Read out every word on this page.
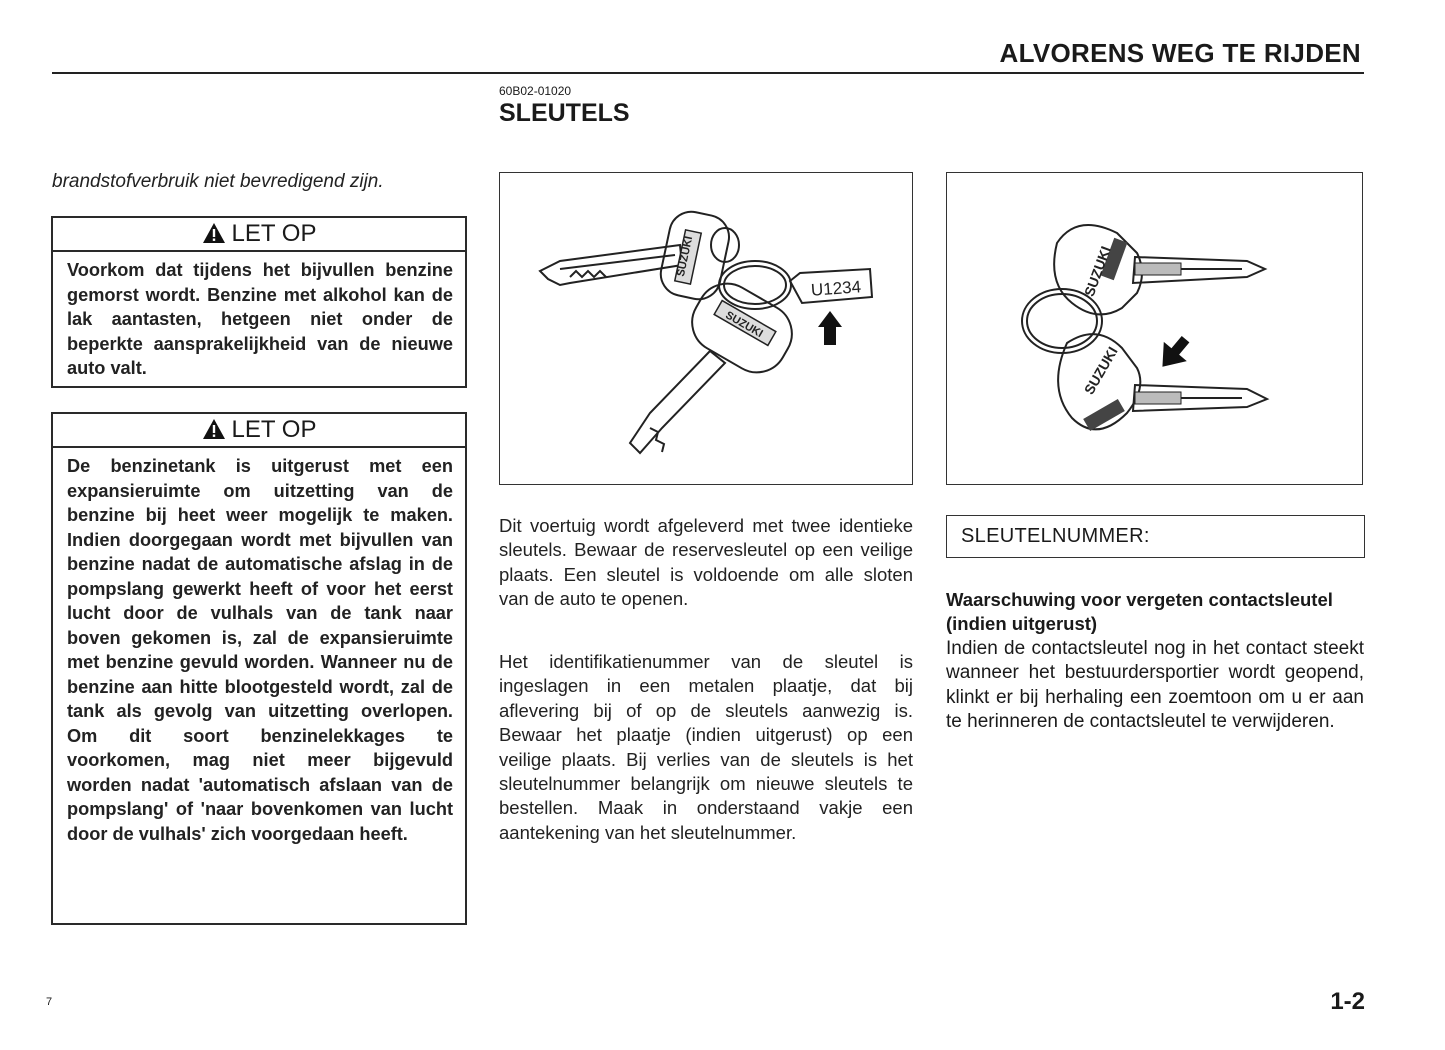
ALVORENS WEG TE RIJDEN
60B02-01020
SLEUTELS
brandstofverbruik niet bevredigend zijn.
LET OP
Voorkom dat tijdens het bijvullen benzine gemorst wordt. Benzine met alkohol kan de lak aantasten, hetgeen niet onder de beperkte aansprakelijkheid van de nieuwe auto valt.
LET OP
De benzinetank is uitgerust met een expansieruimte om uitzetting van de benzine bij heet weer mogelijk te maken. Indien doorgegaan wordt met bijvullen van benzine nadat de automatische afslag in de pompslang gewerkt heeft of voor het eerst lucht door de vulhals van de tank naar boven gekomen is, zal de expansieruimte met benzine gevuld worden. Wanneer nu de benzine aan hitte blootgesteld wordt, zal de tank als gevolg van uitzetting overlopen. Om dit soort benzinelekkages te voorkomen, mag niet meer bijgevuld worden nadat 'automatisch afslaan van de pompslang' of 'naar bovenkomen van lucht door de vulhals' zich voorgedaan heeft.
SUZUKI
SUZUKI
U1234	SUZUKI
SUZUKI
Dit voertuig wordt afgeleverd met twee identieke sleutels. Bewaar de reservesleutel op een veilige plaats. Een sleutel is voldoende om alle sloten van de auto te openen.
Het identifikatienummer van de sleutel is ingeslagen in een metalen plaatje, dat bij aflevering bij of op de sleutels aanwezig is. Bewaar het plaatje (indien uitgerust) op een veilige plaats. Bij verlies van de sleutels is het sleutelnummer belangrijk om nieuwe sleutels te bestellen. Maak in onderstaand vakje een aantekening van het sleutelnummer.
SLEUTELNUMMER:
Waarschuwing voor vergeten contactsleutel (indien uitgerust)
Indien de contactsleutel nog in het contact steekt wanneer het bestuurdersportier wordt geopend, klinkt er bij herhaling een zoemtoon om u er aan te herinneren de contactsleutel te verwijderen.
7	1-2
